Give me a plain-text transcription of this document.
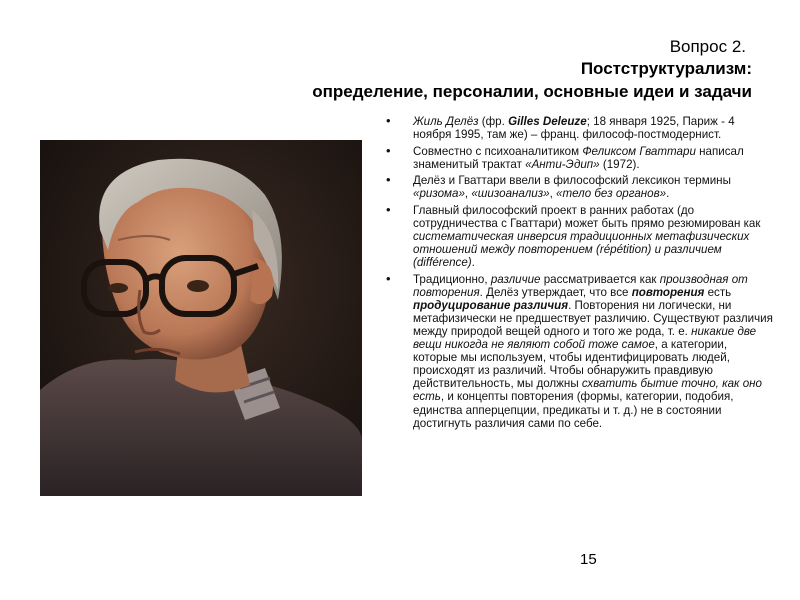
Вопрос 2.
Постструктурализм:
определение, персоналии, основные идеи и задачи
• Жиль Делёз (фр. Gilles Deleuze; 18 января 1925, Париж - 4 ноября 1995, там же) – франц. философ-постмодернист.
• Совместно с психоаналитиком Феликсом Гваттари написал знаменитый трактат «Анти-Эдип» (1972).
• Делёз и Гваттари ввели в философский лексикон термины «ризома», «шизоанализ», «тело без органов».
• Главный философский проект в ранних работах (до сотрудничества с Гваттари) может быть прямо резюмирован как систематическая инверсия традиционных метафизических отношений между повторением (répétition) и различием (différence).
• Традиционно, различие рассматривается как производная от повторения. Делёз утверждает, что все повторения есть продуцирование различия. Повторения ни логически, ни метафизически не предшествует различию. Существуют различия между природой вещей одного и того же рода, т. е. никакие две вещи никогда не являют собой тоже самое, а категории, которые мы используем, чтобы идентифицировать людей, происходят из различий. Чтобы обнаружить правдивую действительность, мы должны схватить бытие точно, как оно есть, и концепты повторения (формы, категории, подобия, единства апперцепции, предикаты и т. д.) не в состоянии достигнуть различия сами по себе.
15
